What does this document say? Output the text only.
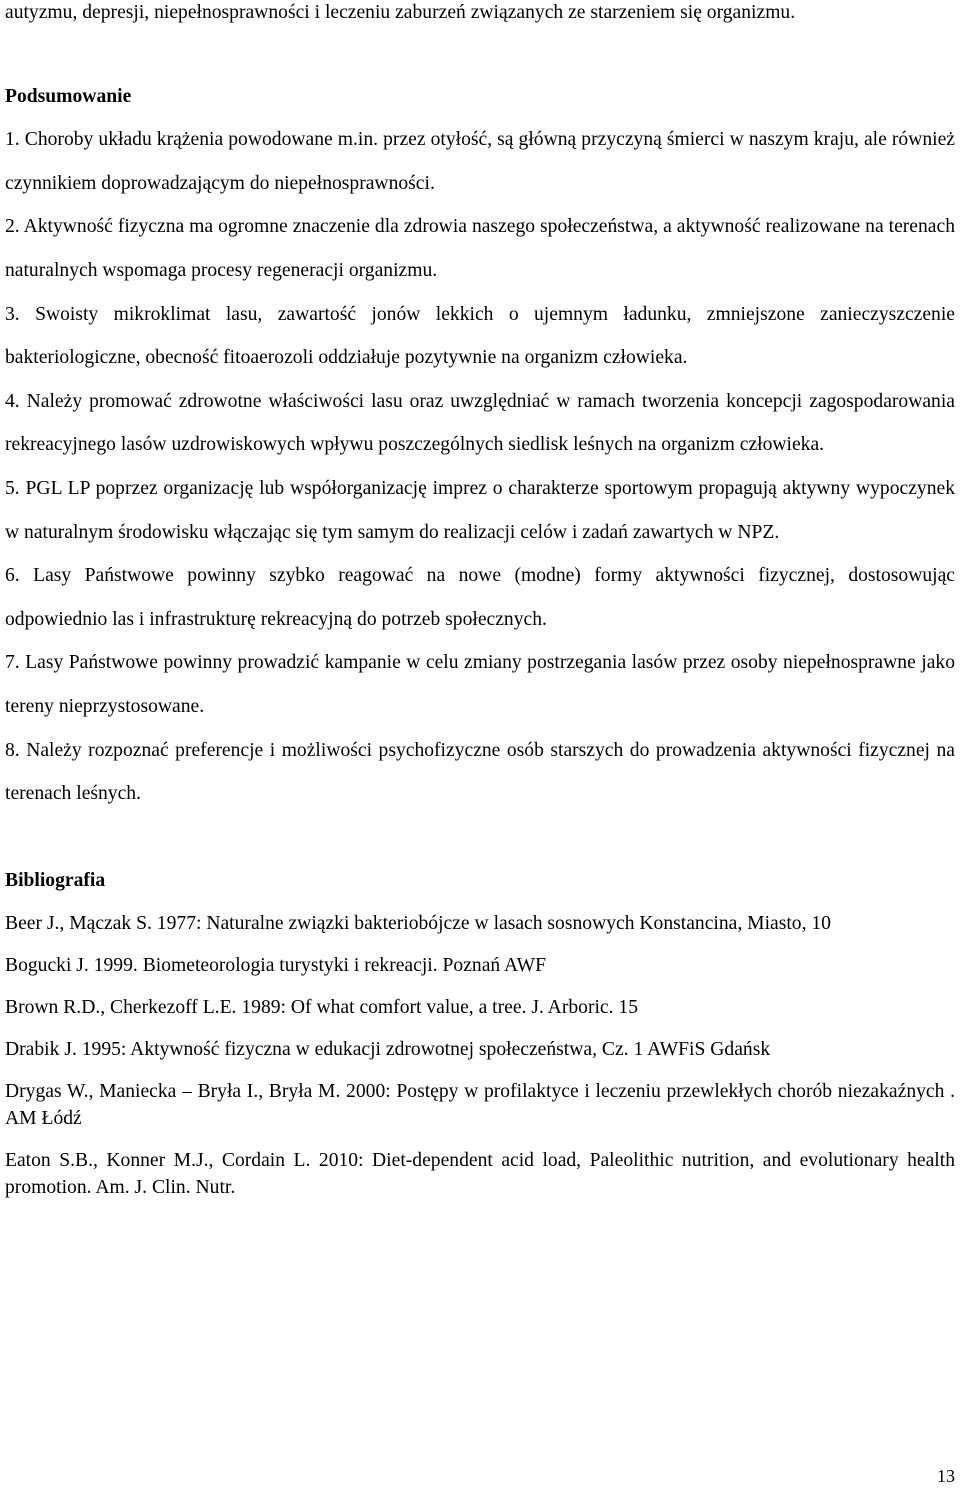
autyzmu, depresji, niepełnosprawności i leczeniu zaburzeń związanych ze starzeniem się organizmu.

Podsumowanie

1. Choroby układu krążenia powodowane m.in. przez otyłość, są główną przyczyną śmierci w naszym kraju, ale również czynnikiem doprowadzającym do niepełnosprawności.

2. Aktywność fizyczna ma ogromne znaczenie dla zdrowia naszego społeczeństwa, a aktywność realizowane na terenach naturalnych wspomaga procesy regeneracji organizmu.

3. Swoisty mikroklimat lasu, zawartość jonów lekkich o ujemnym ładunku, zmniejszone zanieczyszczenie bakteriologiczne, obecność fitoaerozoli oddziałuje pozytywnie na organizm człowieka.

4. Należy promować zdrowotne właściwości lasu oraz uwzględniać w ramach tworzenia koncepcji zagospodarowania rekreacyjnego lasów uzdrowiskowych wpływu poszczególnych siedlisk leśnych na organizm człowieka.

5. PGL LP poprzez organizację lub współorganizację imprez o charakterze sportowym propagują aktywny wypoczynek w naturalnym środowisku włączając się tym samym do realizacji celów i zadań zawartych w NPZ.

6. Lasy Państwowe powinny szybko reagować na nowe (modne) formy aktywności fizycznej, dostosowując odpowiednio las i infrastrukturę rekreacyjną do potrzeb społecznych.

7. Lasy Państwowe powinny prowadzić kampanie w celu zmiany postrzegania lasów przez osoby niepełnosprawne jako tereny nieprzystosowane.

8. Należy rozpoznać preferencje i możliwości psychofizyczne osób starszych do prowadzenia aktywności fizycznej na terenach leśnych.

Bibliografia

Beer J., Mączak S. 1977: Naturalne związki bakteriobójcze w lasach sosnowych Konstancina, Miasto, 10

Bogucki J. 1999. Biometeorologia turystyki i rekreacji. Poznań AWF

Brown R.D., Cherkezoff L.E. 1989: Of what comfort value, a tree. J. Arboric. 15

Drabik J. 1995: Aktywność fizyczna w edukacji zdrowotnej społeczeństwa, Cz. 1 AWFiS Gdańsk

Drygas W., Maniecka – Bryła I., Bryła M. 2000: Postępy w profilaktyce i leczeniu przewlekłych chorób niezakaźnych . AM Łódź

Eaton S.B., Konner M.J., Cordain L. 2010: Diet-dependent acid load, Paleolithic nutrition, and evolutionary health promotion. Am. J. Clin. Nutr.

13
